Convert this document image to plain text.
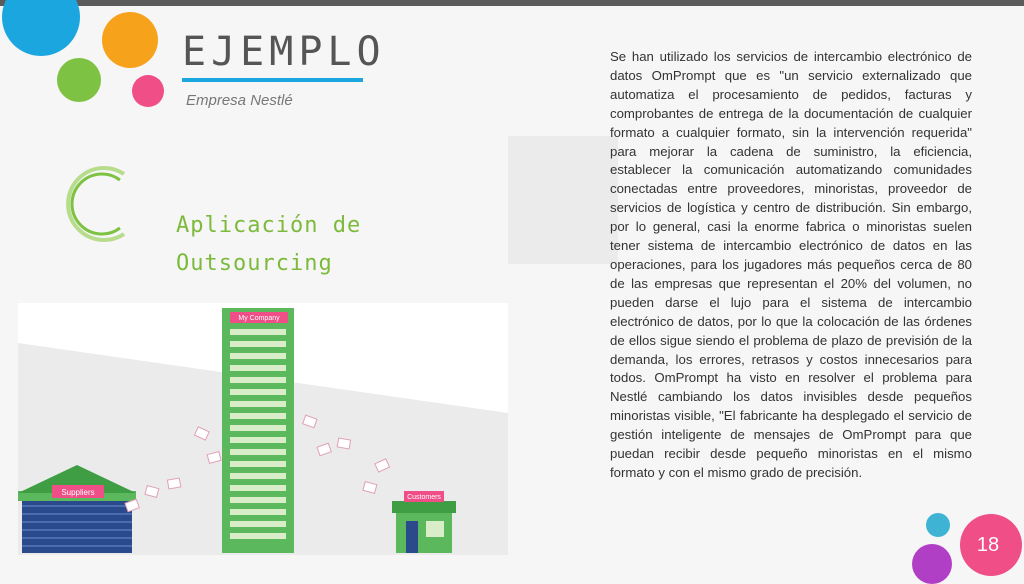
EJEMPLO
Empresa Nestlé
Aplicación de
Outsourcing
Se han utilizado los servicios de intercambio electrónico de datos OmPrompt que es "un servicio externalizado que automatiza el procesamiento de pedidos, facturas y comprobantes de entrega de la documentación de cualquier formato a cualquier formato, sin la intervención requerida" para mejorar la cadena de suministro, la eficiencia, establecer la comunicación automatizando comunidades conectadas entre proveedores, minoristas, proveedor de servicios de logística y centro de distribución. Sin embargo, por lo general, casi la enorme fabrica o minoristas suelen tener sistema de intercambio electrónico de datos en las operaciones, para los jugadores más pequeños cerca de 80 de las empresas que representan el 20% del volumen, no pueden darse el lujo para el sistema de intercambio electrónico de datos, por lo que la colocación de las órdenes de ellos sigue siendo el problema de plazo de previsión de la demanda, los errores, retrasos y costos innecesarios para todos. OmPrompt ha visto en resolver el problema para Nestlé cambiando los datos invisibles desde pequeños minoristas visible, "El fabricante ha desplegado el servicio de gestión inteligente de mensajes de OmPrompt para que puedan recibir desde pequeño minoristas en el mismo formato y con el mismo grado de precisión.
Suppliers
My Company
Customers
18
